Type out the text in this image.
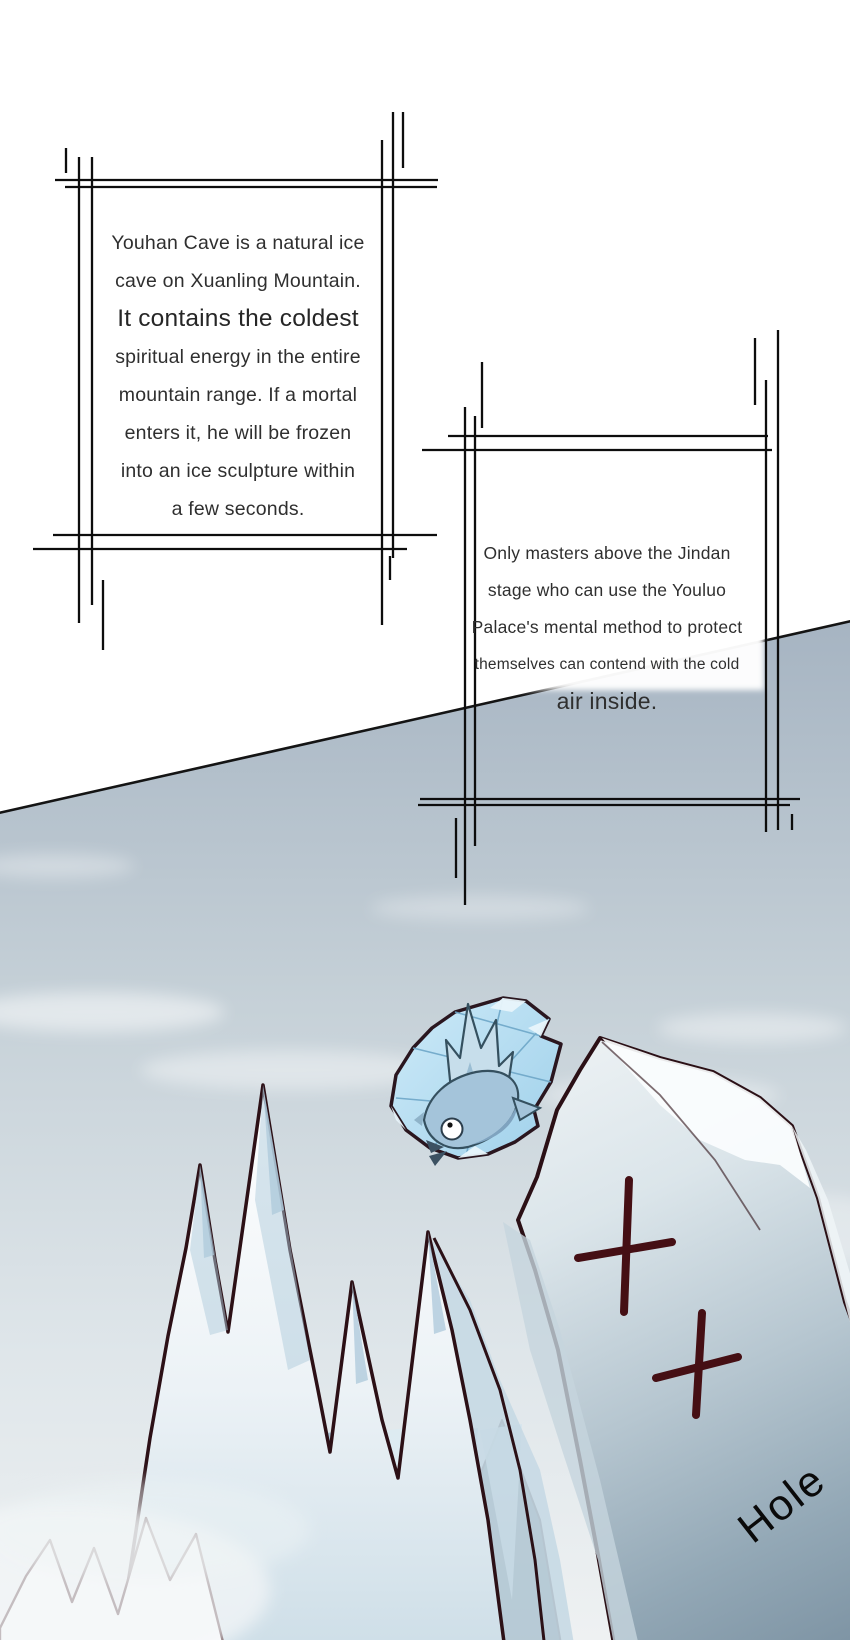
Youhan Cave is a natural ice
cave on Xuanling Mountain.
It contains the coldest
spiritual energy in the entire
mountain range. If a mortal
enters it, he will be frozen
into an ice sculpture within
a few seconds.
Only masters above the Jindan
stage who can use the Youluo
Palace's mental method to protect
themselves can contend with the cold
air inside.
Hole
